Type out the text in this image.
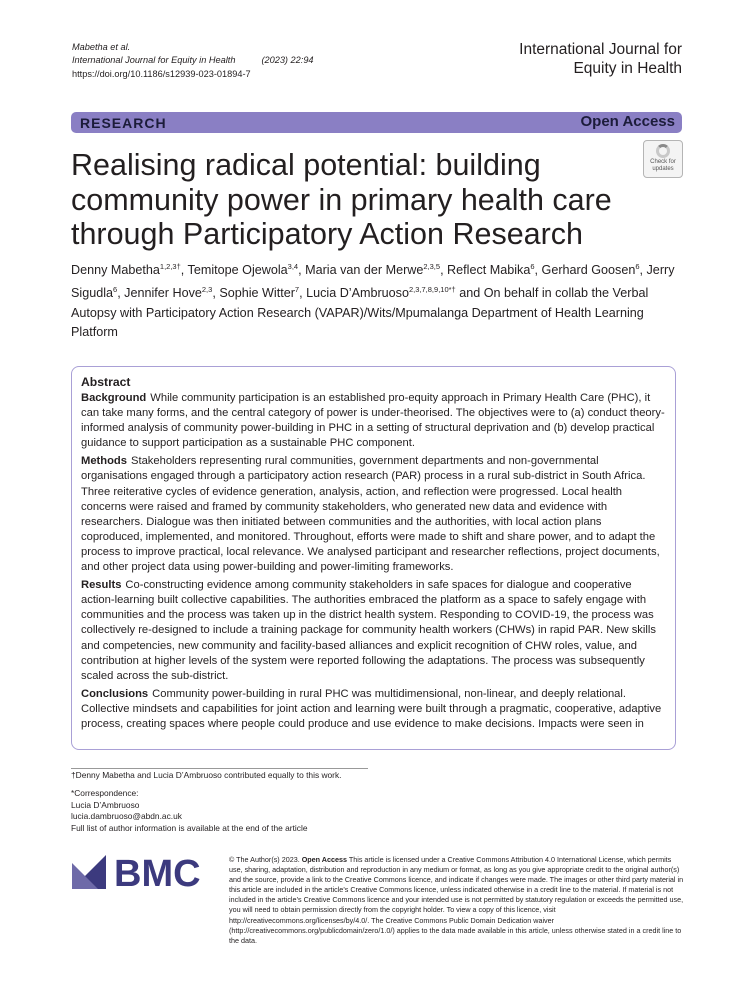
Mabetha et al.
International Journal for Equity in Health	(2023) 22:94
https://doi.org/10.1186/s12939-023-01894-7
International Journal for
Equity in Health
RESEARCH	Open Access
Check for
updates
Realising radical potential: building
community power in primary health care
through Participatory Action Research
Denny Mabetha$^{1,2,3\dagger}$, Temitope Ojewola$^{3,4}$, Maria van der Merwe$^{2,3,5}$, Reflect Mabika$^6$, Gerhard Goosen$^6$, Jerry Sigudla$^6$, Jennifer Hove$^{2,3}$, Sophie Witter$^7$, Lucia D’Ambruoso$^{2,3,7,8,9,10*\dagger}$ and On behalf in collab the Verbal Autopsy with Participatory Action Research (VAPAR)/Wits/Mpumalanga Department of Health Learning Platform
Abstract

Background While community participation is an established pro-equity approach in Primary Health Care (PHC), it can take many forms, and the central category of power is under-theorised. The objectives were to (a) conduct theory-informed analysis of community power-building in PHC in a setting of structural deprivation and (b) develop practical guidance to support participation as a sustainable PHC component.

Methods Stakeholders representing rural communities, government departments and non-governmental organisations engaged through a participatory action research (PAR) process in a rural sub-district in South Africa. Three reiterative cycles of evidence generation, analysis, action, and reflection were progressed. Local health concerns were raised and framed by community stakeholders, who generated new data and evidence with researchers. Dialogue was then initiated between communities and the authorities, with local action plans coproduced, implemented, and monitored. Throughout, efforts were made to shift and share power, and to adapt the process to improve practical, local relevance. We analysed participant and researcher reflections, project documents, and other project data using power-building and power-limiting frameworks.

Results Co-constructing evidence among community stakeholders in safe spaces for dialogue and cooperative action-learning built collective capabilities. The authorities embraced the platform as a space to safely engage with communities and the process was taken up in the district health system. Responding to COVID-19, the process was collectively re-designed to include a training package for community health workers (CHWs) in rapid PAR. New skills and competencies, new community and facility-based alliances and explicit recognition of CHW roles, value, and contribution at higher levels of the system were reported following the adaptations. The process was subsequently scaled across the sub-district.

Conclusions Community power-building in rural PHC was multidimensional, non-linear, and deeply relational. Collective mindsets and capabilities for joint action and learning were built through a pragmatic, cooperative, adaptive process, creating spaces where people could produce and use evidence to make decisions. Impacts were seen in

†Denny Mabetha and Lucia D’Ambruoso contributed equally to this work.
*Correspondence:
Lucia D’Ambruoso
lucia.dambruoso@abdn.ac.uk
Full list of author information is available at the end of the article
BMC	© The Author(s) 2023. Open Access This article is licensed under a Creative Commons Attribution 4.0 International License, which permits use, sharing, adaptation, distribution and reproduction in any medium or format, as long as you give appropriate credit to the original author(s) and the source, provide a link to the Creative Commons licence, and indicate if changes were made. The images or other third party material in this article are included in the article’s Creative Commons licence, unless indicated otherwise in a credit line to the material. If material is not included in the article’s Creative Commons licence and your intended use is not permitted by statutory regulation or exceeds the permitted use, you will need to obtain permission directly from the copyright holder. To view a copy of this licence, visit http://creativecommons.org/licenses/by/4.0/. The Creative Commons Public Domain Dedication waiver (http://creativecommons.org/publicdomain/zero/1.0/) applies to the data made available in this article, unless otherwise stated in a credit line to the data.
